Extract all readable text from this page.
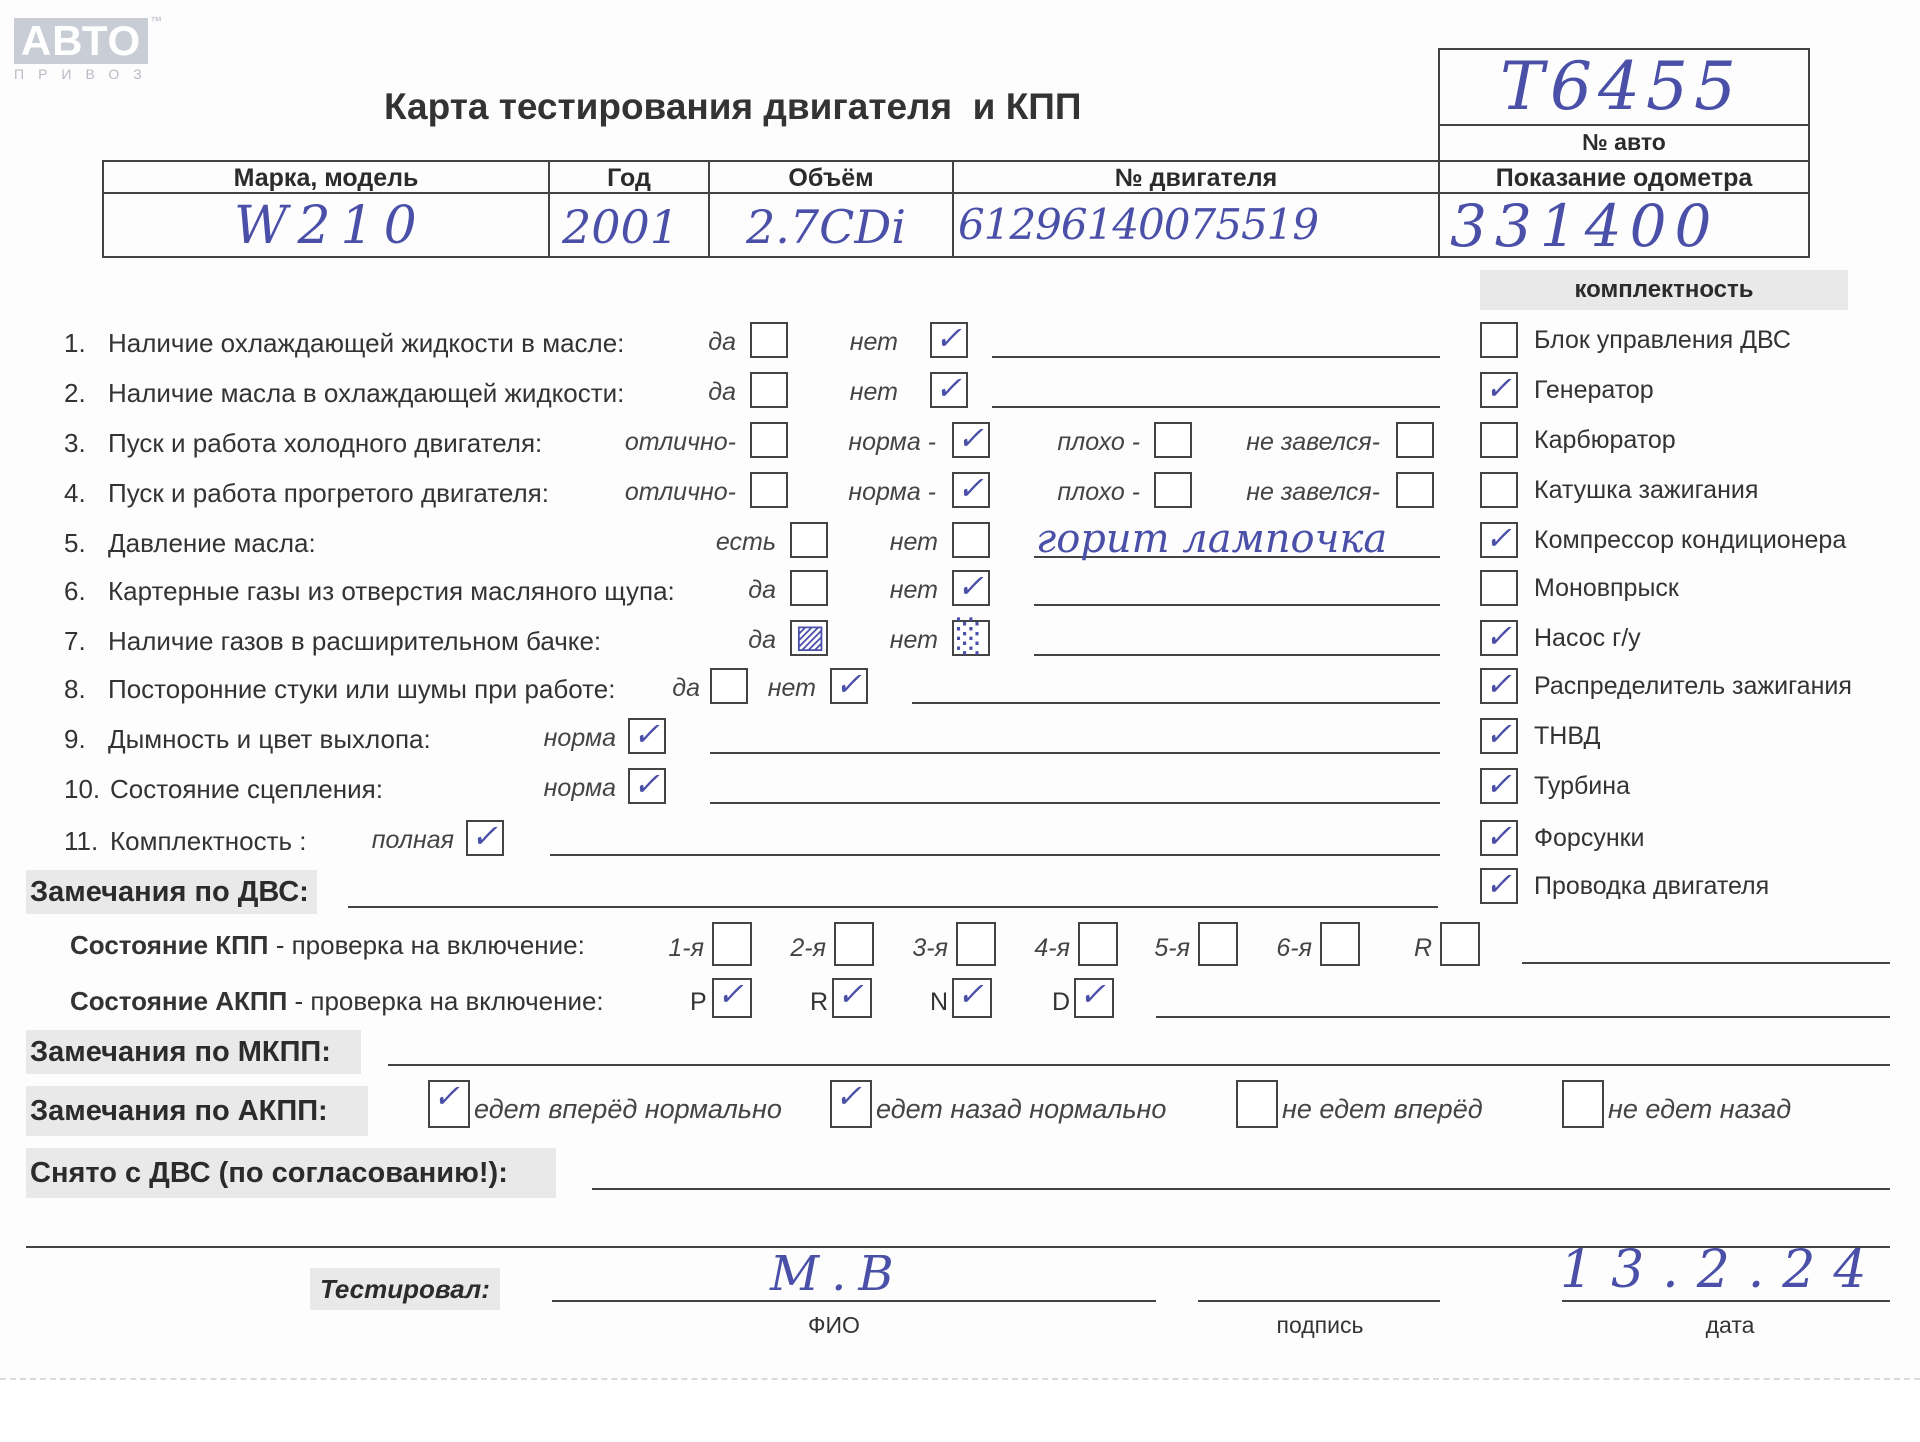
АВТО ™
ПРИВОЗ
Карта тестирования двигателя  и КПП	T6455
№ авто
Марка, модель	Год	Объём	№ двигателя	Показание одометра
W210	2001 2.7CDi 61296140075519 331400
комплектность
1. Наличие охлаждающей жидкости в масле:	да	нет ✓
2. Наличие масла в охлаждающей жидкости:	да	нет ✓
3. Пуск и работа холодного двигателя:	отлично-	норма - ✓	плохо -	не завелся-
4. Пуск и работа прогретого двигателя:	отлично-	норма - ✓	плохо -	не завелся-
5. Давление масла:	есть	нет горит лампочка
6. Картерные газы из отверстия масляного щупа:	да	нет ✓
7. Наличие газов в расширительном бачке:	да ▨	нет ░
8. Посторонние стуки или шумы при работе: да	нет ✓
9. Дымность и цвет выхлопа:	норма ✓
10. Состояние сцепления:	норма ✓
11. Комплектность :	полная ✓
Блок управления ДВС
✓ Генератор
Карбюратор
Катушка зажигания
✓ Компрессор кондиционера
Моновпрыск
✓ Насос г/у
✓ Распределитель зажигания
✓ ТНВД
✓ Турбина
✓ Форсунки
✓ Проводка двигателя
Замечания по ДВС:
Состояние КПП - проверка на включение:	1-я	2-я	3-я	4-я	5-я	6-я	R
Состояние АКПП - проверка на включение:	P ✓	R ✓	N ✓	D ✓
Замечания по МКПП:
Замечания по АКПП:	✓ едет вперёд нормально ✓ едет назад нормально	не едет вперёд	не едет назад
Снято с ДВС (по согласованию!):
Тестировал:	М.В	13.2.24
ФИО	подпись	дата
